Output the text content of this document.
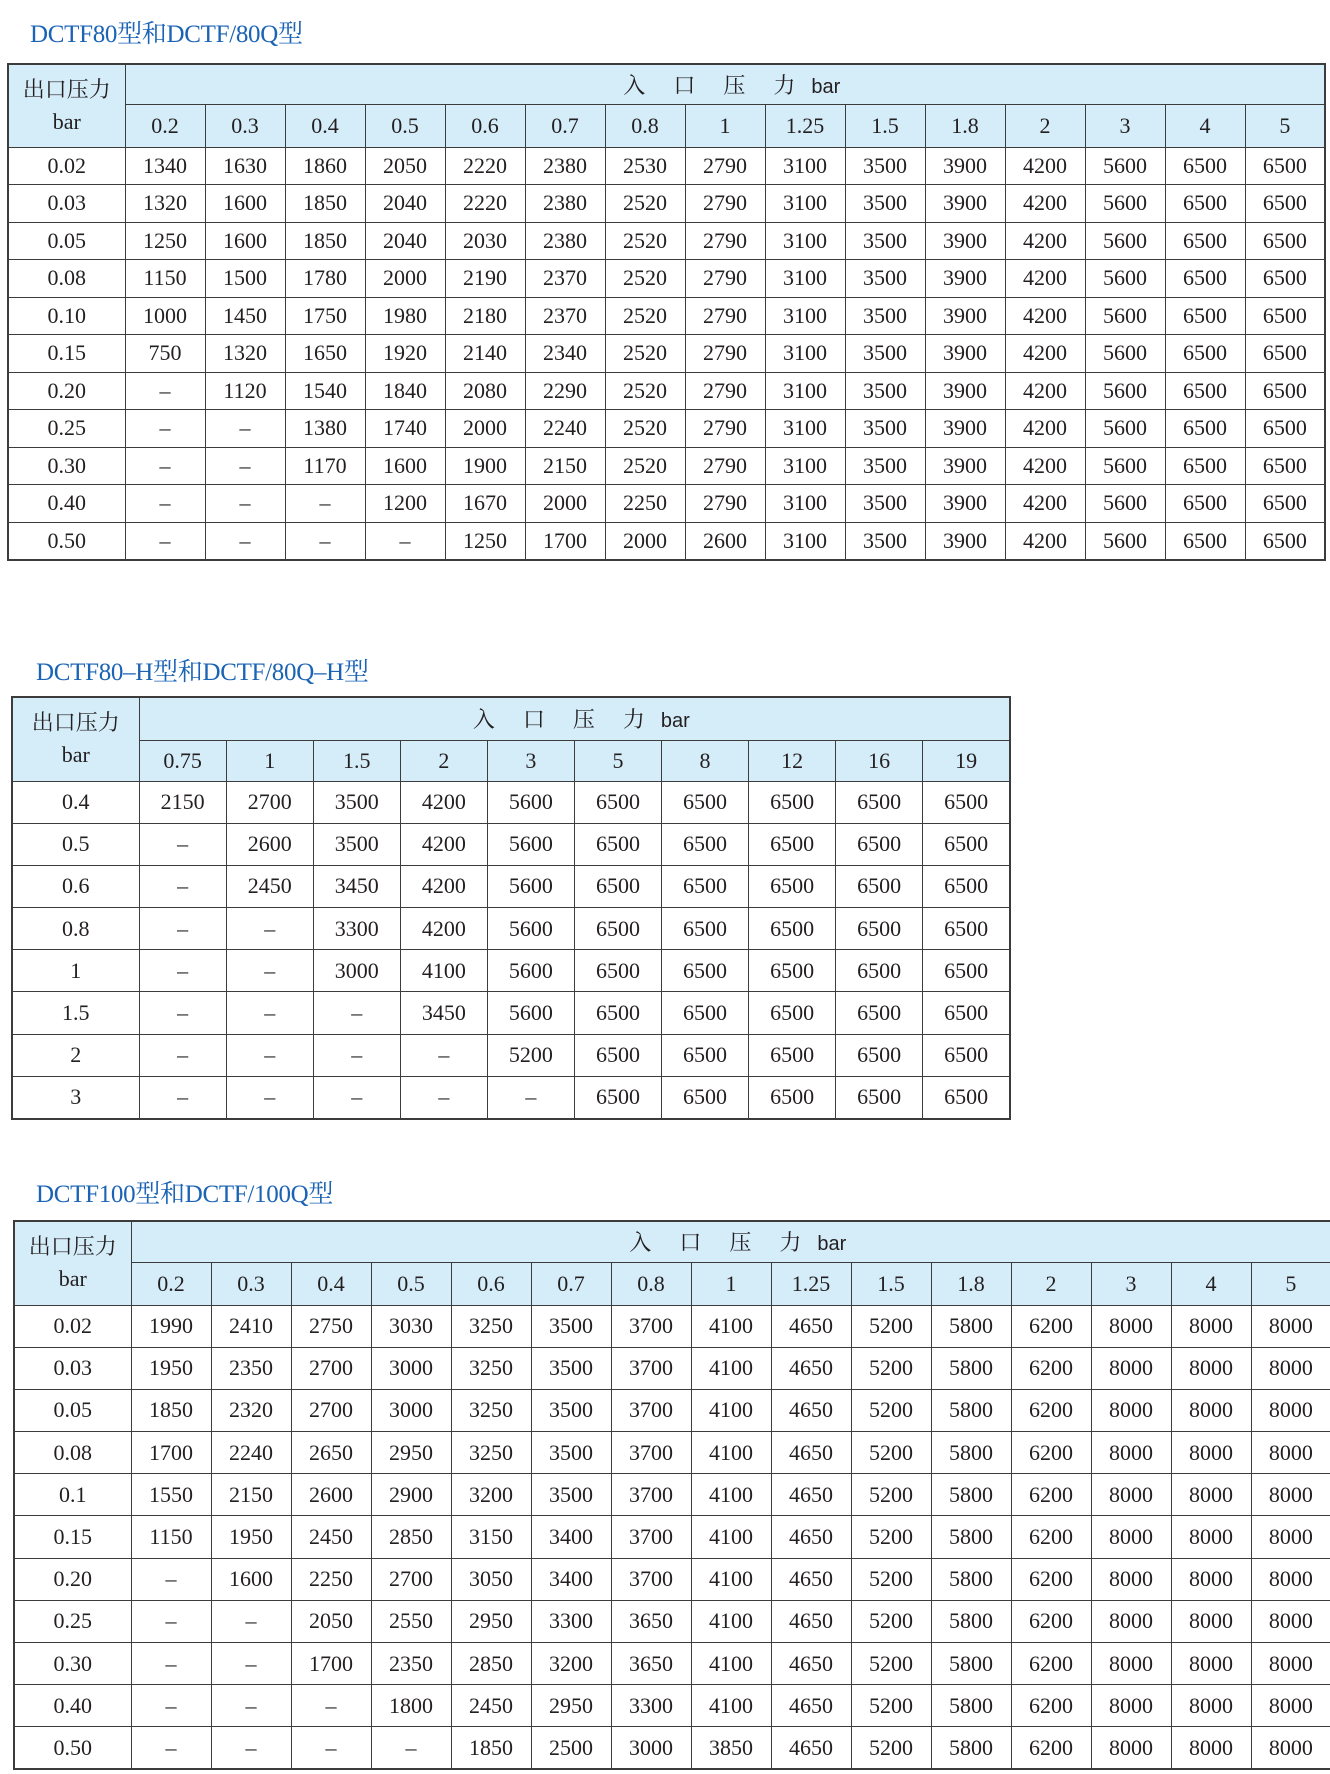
DCTF80型和DCTF/80Q型
出口压力
bar	入 口 压 力 bar														
	0.2	0.3	0.4	0.5	0.6	0.7	0.8	1	1.25	1.5	1.8	2	3	4	5
0.02	1340	1630	1860	2050	2220	2380	2530	2790	3100	3500	3900	4200	5600	6500	6500
0.03	1320	1600	1850	2040	2220	2380	2520	2790	3100	3500	3900	4200	5600	6500	6500
0.05	1250	1600	1850	2040	2030	2380	2520	2790	3100	3500	3900	4200	5600	6500	6500
0.08	1150	1500	1780	2000	2190	2370	2520	2790	3100	3500	3900	4200	5600	6500	6500
0.10	1000	1450	1750	1980	2180	2370	2520	2790	3100	3500	3900	4200	5600	6500	6500
0.15	750	1320	1650	1920	2140	2340	2520	2790	3100	3500	3900	4200	5600	6500	6500
0.20	–	1120	1540	1840	2080	2290	2520	2790	3100	3500	3900	4200	5600	6500	6500
0.25	–	–	1380	1740	2000	2240	2520	2790	3100	3500	3900	4200	5600	6500	6500
0.30	–	–	1170	1600	1900	2150	2520	2790	3100	3500	3900	4200	5600	6500	6500
0.40	–	–	–	1200	1670	2000	2250	2790	3100	3500	3900	4200	5600	6500	6500
0.50	–	–	–	–	1250	1700	2000	2600	3100	3500	3900	4200	5600	6500	6500
DCTF80–H型和DCTF/80Q–H型
出口压力
bar	入 口 压 力 bar									
	0.75	1	1.5	2	3	5	8	12	16	19
0.4	2150	2700	3500	4200	5600	6500	6500	6500	6500	6500
0.5	–	2600	3500	4200	5600	6500	6500	6500	6500	6500
0.6	–	2450	3450	4200	5600	6500	6500	6500	6500	6500
0.8	–	–	3300	4200	5600	6500	6500	6500	6500	6500
1	–	–	3000	4100	5600	6500	6500	6500	6500	6500
1.5	–	–	–	3450	5600	6500	6500	6500	6500	6500
2	–	–	–	–	5200	6500	6500	6500	6500	6500
3	–	–	–	–	–	6500	6500	6500	6500	6500
DCTF100型和DCTF/100Q型
出口压力
bar	入 口 压 力 bar														
	0.2	0.3	0.4	0.5	0.6	0.7	0.8	1	1.25	1.5	1.8	2	3	4	5
0.02	1990	2410	2750	3030	3250	3500	3700	4100	4650	5200	5800	6200	8000	8000	8000
0.03	1950	2350	2700	3000	3250	3500	3700	4100	4650	5200	5800	6200	8000	8000	8000
0.05	1850	2320	2700	3000	3250	3500	3700	4100	4650	5200	5800	6200	8000	8000	8000
0.08	1700	2240	2650	2950	3250	3500	3700	4100	4650	5200	5800	6200	8000	8000	8000
0.1	1550	2150	2600	2900	3200	3500	3700	4100	4650	5200	5800	6200	8000	8000	8000
0.15	1150	1950	2450	2850	3150	3400	3700	4100	4650	5200	5800	6200	8000	8000	8000
0.20	–	1600	2250	2700	3050	3400	3700	4100	4650	5200	5800	6200	8000	8000	8000
0.25	–	–	2050	2550	2950	3300	3650	4100	4650	5200	5800	6200	8000	8000	8000
0.30	–	–	1700	2350	2850	3200	3650	4100	4650	5200	5800	6200	8000	8000	8000
0.40	–	–	–	1800	2450	2950	3300	4100	4650	5200	5800	6200	8000	8000	8000
0.50	–	–	–	–	1850	2500	3000	3850	4650	5200	5800	6200	8000	8000	8000
